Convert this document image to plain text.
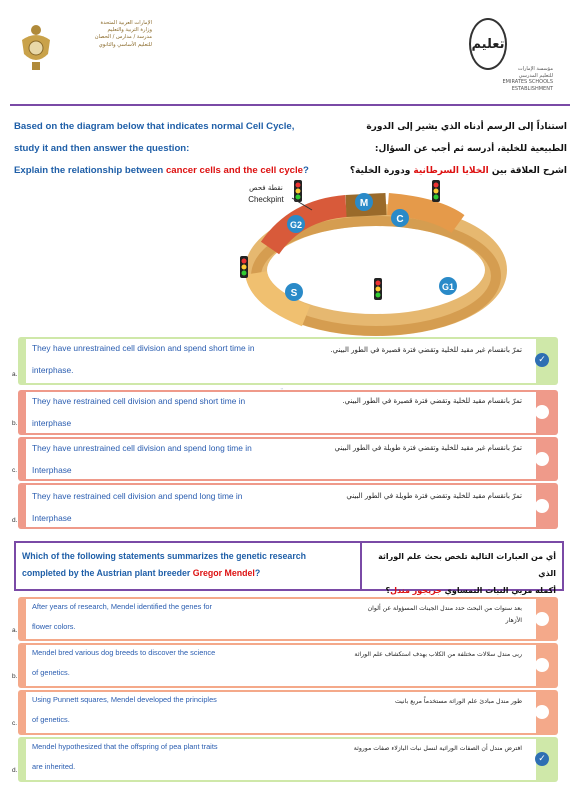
الإمارات العربية المتحدة
وزارة التربية والتعليم
مدرسة / مدارس / الحصان
للتعليم الأساسي والثانوي	تعليم
مؤسسة الإمارات
للتعليم المدرسي
EMIRATES SCHOOLS
ESTABLISHMENT
Based on the diagram below that indicates normal Cell Cycle,
study it and then answer the question:
Explain the relationship between cancer cells and the cell cycle?
استناداً إلى الرسم أدناه الذي يشير إلى الدورة
الطبيعية للخلية، أدرسه ثم أجب عن السؤال:
اشرح العلاقة بين الخلايا السرطانية ودورة الخلية؟
نقطة فحص
Checkpint	M
C
G2
S
G1
a.
They have unrestrained cell division and spend short time in
interphase.
تمرّ بانقسام غير مقيد للخلية وتقضي فترة قصيرة في الطور البيني.
✓
b.
They have restrained cell division and spend short time in
interphase
تمرّ بانقسام مقيد للخلية وتقضي فترة قصيرة في الطور البيني.
c.
They have unrestrained cell division and spend long time in
Interphase
تمرّ بانقسام غير مقيد للخلية وتقضي فترة طويلة في الطور البيني
d.
They have restrained cell division and spend long time in
Interphase
تمرّ بانقسام مقيد للخلية وتقضي فترة طويلة في الطور البيني
Which of the following statements summarizes the genetic research
completed by the Austrian plant breeder Gregor Mendel?
أي من العبارات التالية تلخص بحث علم الوراثة الذي
أكمله مربي النبات النمساوي جريجور مندل؟
a.
After years of research, Mendel identified the genes for
flower colors.
بعد سنوات من البحث حدد مندل الجينات المسؤولة عن ألوان
الأزهار
b.
Mendel bred various dog breeds to discover the science
of genetics.
ربى مندل سلالات مختلفة من الكلاب بهدف استكشاف علم الوراثة
c.
Using Punnett squares, Mendel developed the principles
of genetics.
طور مندل مبادئ علم الوراثة مستخدماً مربع بانيت
d.
Mendel hypothesized that the offspring of pea plant traits
are inherited.
افترض مندل أن الصفات الوراثية لنسل نبات البازلاء صفات موروثة
✓
